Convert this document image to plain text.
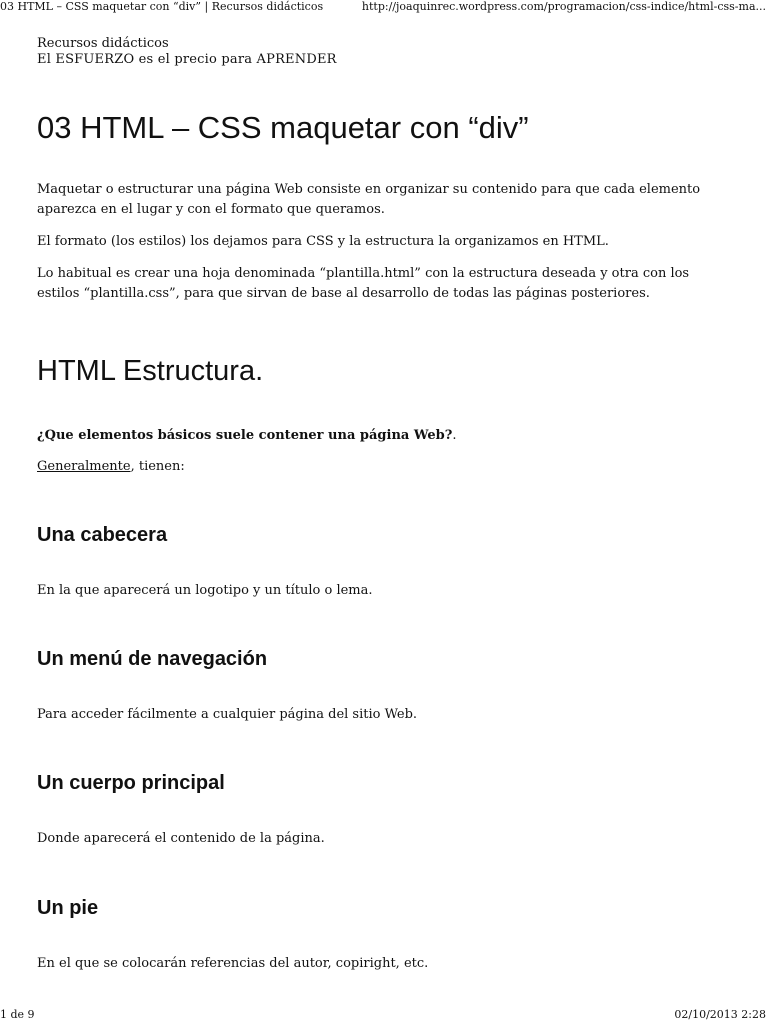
03 HTML – CSS maquetar con “div” | Recursos didácticos	http://joaquinrec.wordpress.com/programacion/css-indice/html-css-ma...

Recursos didácticos

El ESFUERZO es el precio para APRENDER

03 HTML – CSS maquetar con “div”

Maquetar o estructurar una página Web consiste en organizar su contenido para que cada elemento aparezca en el lugar y con el formato que queramos.

El formato (los estilos) los dejamos para CSS y la estructura la organizamos en HTML.

Lo habitual es crear una hoja denominada “plantilla.html” con la estructura deseada y otra con los estilos “plantilla.css”, para que sirvan de base al desarrollo de todas las páginas posteriores.

HTML Estructura.

¿Que elementos básicos suele contener una página Web?.

Generalmente, tienen:

Una cabecera

En la que aparecerá un logotipo y un título o lema.

Un menú de navegación

Para acceder fácilmente a cualquier página del sitio Web.

Un cuerpo principal

Donde aparecerá el contenido de la página.

Un pie

En el que se colocarán referencias del autor, copiright, etc.

1 de 9	02/10/2013 2:28
